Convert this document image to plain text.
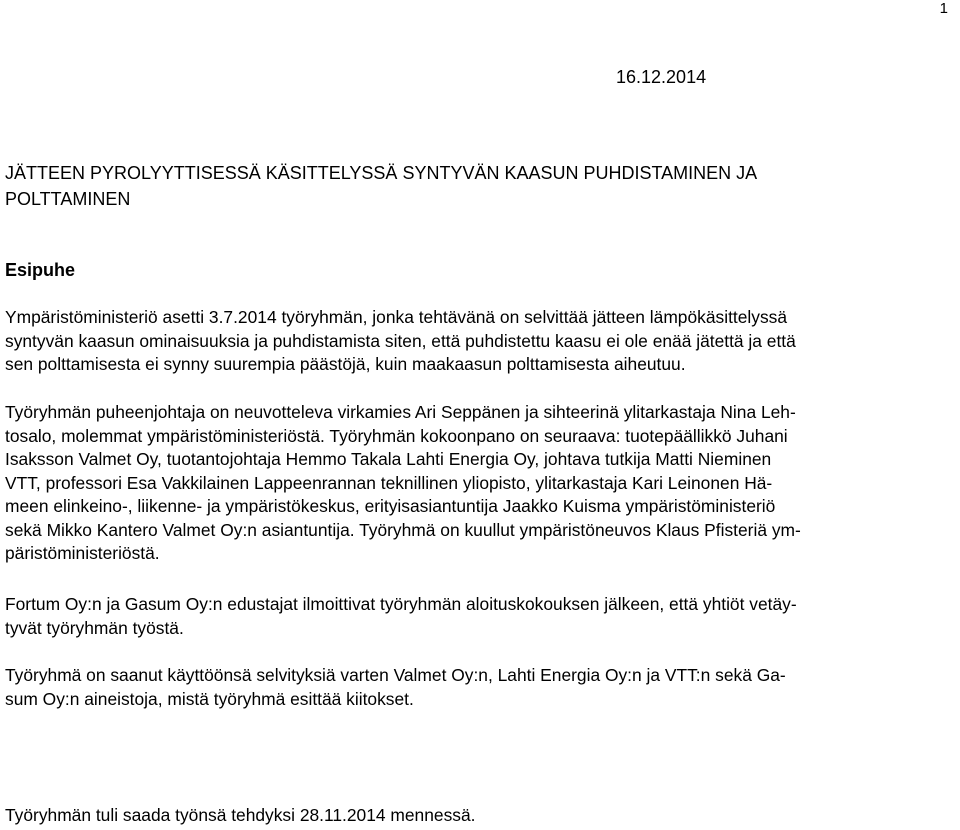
1
16.12.2014
JÄTTEEN PYROLYYTTISESSÄ KÄSITTELYSSÄ SYNTYVÄN KAASUN PUHDISTAMINEN JA
POLTTAMINEN
Esipuhe

Ympäristöministeriö asetti 3.7.2014 työryhmän, jonka tehtävänä on selvittää jätteen lämpökäsittelyssä
syntyvän kaasun ominaisuuksia ja puhdistamista siten, että puhdistettu kaasu ei ole enää jätettä ja että
sen polttamisesta ei synny suurempia päästöjä, kuin maakaasun polttamisesta aiheutuu.

Työryhmän puheenjohtaja on neuvotteleva virkamies Ari Seppänen ja sihteerinä ylitarkastaja Nina Leh-
tosalo, molemmat ympäristöministeriöstä. Työryhmän kokoonpano on seuraava: tuotepäällikkö Juhani
Isaksson Valmet Oy, tuotantojohtaja Hemmo Takala Lahti Energia Oy, johtava tutkija Matti Nieminen
VTT, professori Esa Vakkilainen Lappeenrannan teknillinen yliopisto, ylitarkastaja Kari Leinonen Hä-
meen elinkeino-, liikenne- ja ympäristökeskus, erityisasiantuntija Jaakko Kuisma ympäristöministeriö
sekä Mikko Kantero Valmet Oy:n asiantuntija. Työryhmä on kuullut ympäristöneuvos Klaus Pfisteriä ym-
päristöministeriöstä.

Fortum Oy:n ja Gasum Oy:n edustajat ilmoittivat työryhmän aloituskokouksen jälkeen, että yhtiöt vetäy-
tyvät työryhmän työstä.

Työryhmä on saanut käyttöönsä selvityksiä varten Valmet Oy:n, Lahti Energia Oy:n ja VTT:n sekä Ga-
sum Oy:n aineistoja, mistä työryhmä esittää kiitokset.

Työryhmän tuli saada työnsä tehdyksi 28.11.2014 mennessä.
